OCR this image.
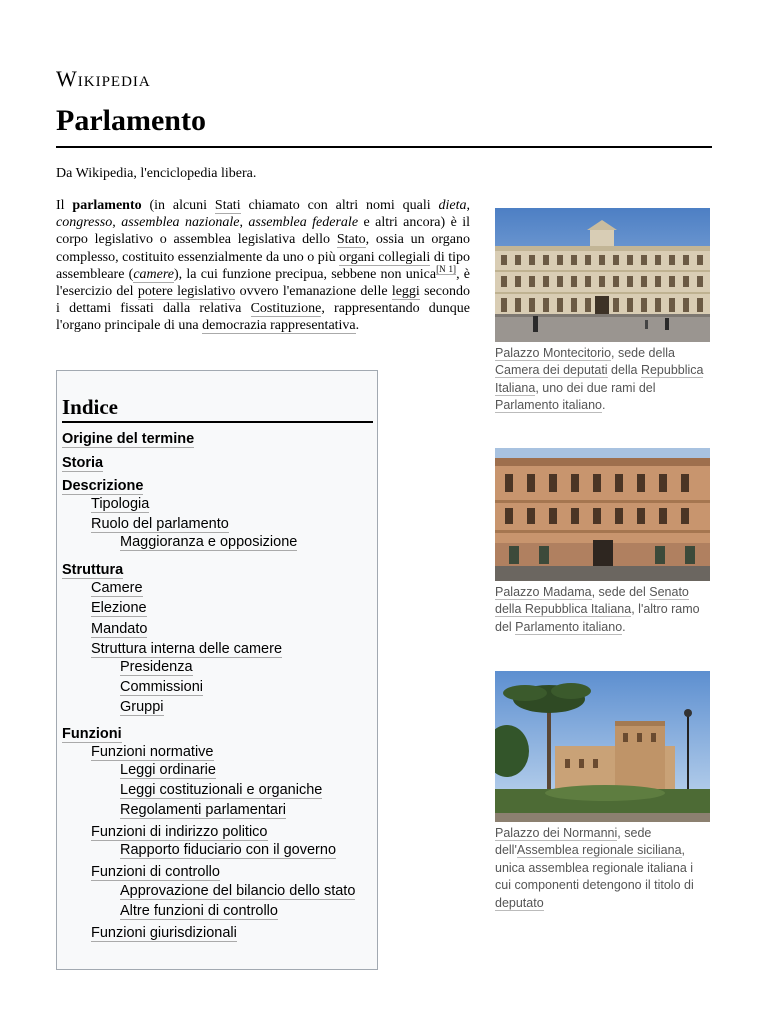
Wikipedia
Parlamento
Da Wikipedia, l'enciclopedia libera.

Il parlamento (in alcuni Stati chiamato con altri nomi quali dieta, congresso, assemblea nazionale, assemblea federale e altri ancora) è il corpo legislativo o assemblea legislativa dello Stato, ossia un organo complesso, costituito essenzialmente da uno o più organi collegiali di tipo assembleare (camere), la cui funzione precipua, sebbene non unica[N 1], è l'esercizio del potere legislativo ovvero l'emanazione delle leggi secondo i dettami fissati dalla relativa Costituzione, rappresentando dunque l'organo principale di una democrazia rappresentativa.

Indice
Origine del termine
Storia
Descrizione
Tipologia
Ruolo del parlamento
Maggioranza e opposizione
Struttura
Camere
Elezione
Mandato
Struttura interna delle camere
Presidenza
Commissioni
Gruppi
Funzioni
Funzioni normative
Leggi ordinarie
Leggi costituzionali e organiche
Regolamenti parlamentari
Funzioni di indirizzo politico
Rapporto fiduciario con il governo
Funzioni di controllo
Approvazione del bilancio dello stato
Altre funzioni di controllo
Funzioni giurisdizionali
Palazzo Montecitorio, sede della Camera dei deputati della Repubblica Italiana, uno dei due rami del Parlamento italiano.
Palazzo Madama, sede del Senato della Repubblica Italiana, l'altro ramo del Parlamento italiano.
Palazzo dei Normanni, sede dell'Assemblea regionale siciliana, unica assemblea regionale italiana i cui componenti detengono il titolo di deputato
